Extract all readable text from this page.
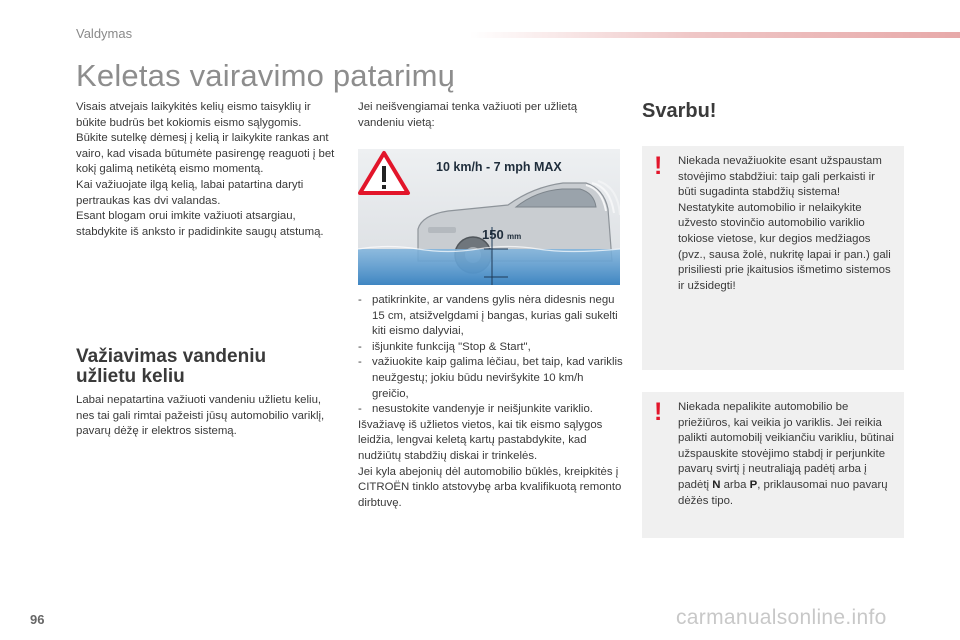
Valdymas
Keletas vairavimo patarimų

Visais atvejais laikykitės kelių eismo taisyklių ir būkite budrūs bet kokiomis eismo sąlygomis.

Būkite sutelkę dėmesį į kelią ir laikykite rankas ant vairo, kad visada būtumėte pasirengę reaguoti į bet kokį galimą netikėtą eismo momentą.

Kai važiuojate ilgą kelią, labai patartina daryti pertraukas kas dvi valandas.

Esant blogam orui imkite važiuoti atsargiau, stabdykite iš anksto ir padidinkite saugų atstumą.

Važiavimas vandeniu
užlietu keliu

Labai nepatartina važiuoti vandeniu užlietu keliu, nes tai gali rimtai pažeisti jūsų automobilio variklį, pavarų dėžę ir elektros sistemą.

Jei neišvengiamai tenka važiuoti per užlietą vandeniu vietą:

150 mm
10 km/h - 7 mph MAX
- patikrinkite, ar vandens gylis nėra didesnis negu 15 cm, atsižvelgdami į bangas, kurias gali sukelti kiti eismo dalyviai,
- išjunkite funkciją "Stop & Start",
- važiuokite kaip galima lėčiau, bet taip, kad variklis neužgestų; jokiu būdu neviršykite 10 km/h greičio,
- nesustokite vandenyje ir neišjunkite variklio.

Išvažiavę iš užlietos vietos, kai tik eismo sąlygos leidžia, lengvai keletą kartų pastabdykite, kad nudžiūtų stabdžių diskai ir trinkelės.

Jei kyla abejonių dėl automobilio būklės, kreipkitės į CITROËN tinklo atstovybę arba kvalifikuotą remonto dirbtuvę.

Svarbu!
! Niekada nevažiuokite esant užspaustam stovėjimo stabdžiui: taip gali perkaisti ir būti sugadinta stabdžių sistema!

Nestatykite automobilio ir nelaikykite užvesto stovinčio automobilio variklio tokiose vietose, kur degios medžiagos (pvz., sausa žolė, nukritę lapai ir pan.) gali prisiliesti prie įkaitusios išmetimo sistemos ir užsidegti!

! Niekada nepalikite automobilio be priežiūros, kai veikia jo variklis. Jei reikia palikti automobilį veikiančiu varikliu, būtinai užspauskite stovėjimo stabdį ir perjunkite pavarų svirtį į neutraliąją padėtį arba į padėtį N arba P, priklausomai nuo pavarų dėžės tipo.

96	carmanualsonline.info
